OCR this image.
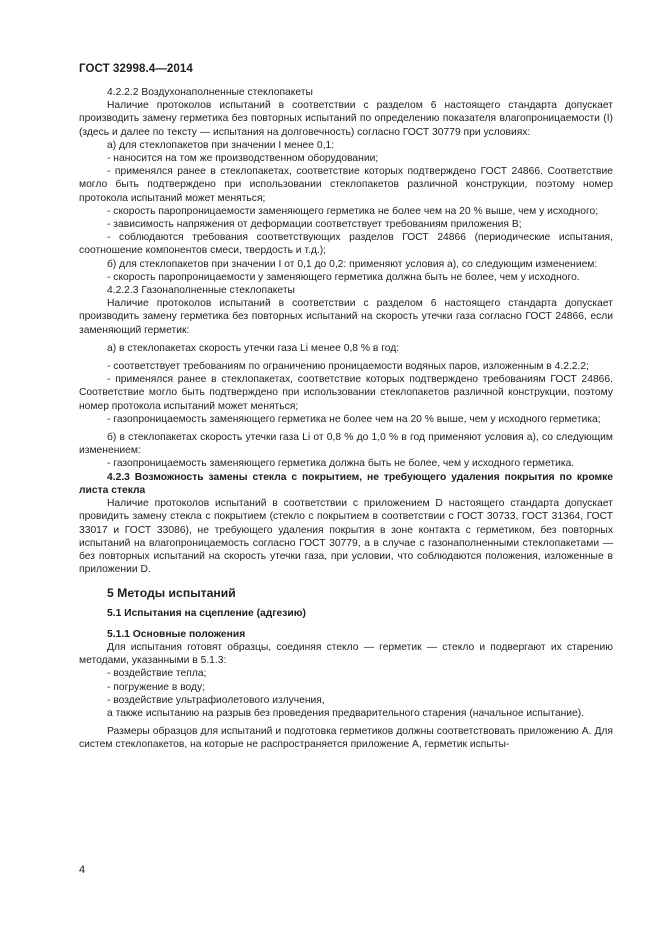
ГОСТ 32998.4—2014

4.2.2.2 Воздухонаполненные стеклопакеты

Наличие протоколов испытаний в соответствии с разделом 6 настоящего стандарта допускает производить замену герметика без повторных испытаний по определению показателя влагопроницаемости (I) (здесь и далее по тексту — испытания на долговечность) согласно ГОСТ 30779 при условиях:

а) для стеклопакетов при значении I менее 0,1:

- наносится на том же производственном оборудовании;

- применялся ранее в стеклопакетах, соответствие которых подтверждено ГОСТ 24866. Соответствие могло быть подтверждено при использовании стеклопакетов различной конструкции, поэтому номер протокола испытаний может меняться;

- скорость паропроницаемости заменяющего герметика не более чем на 20 % выше, чем у исходного;

- зависимость напряжения от деформации соответствует требованиям приложения В;

- соблюдаются требования соответствующих разделов ГОСТ 24866 (периодические испытания, соотношение компонентов смеси, твердость и т.д.);

б) для стеклопакетов при значении I от 0,1 до 0,2: применяют условия а), со следующим изменением:

- скорость паропроницаемости у заменяющего герметика должна быть не более, чем у исходного.

4.2.2.3 Газонаполненные стеклопакеты

Наличие протоколов испытаний в соответствии с разделом 6 настоящего стандарта допускает производить замену герметика без повторных испытаний на скорость утечки газа согласно ГОСТ 24866, если заменяющий герметик:

а) в стеклопакетах скорость утечки газа Li менее 0,8 % в год:

- соответствует требованиям по ограничению проницаемости водяных паров, изложенным в 4.2.2.2;

- применялся ранее в стеклопакетах, соответствие которых подтверждено требованиям ГОСТ 24866. Соответствие могло быть подтверждено при использовании стеклопакетов различной конструкции, поэтому номер протокола испытаний может меняться;

- газопроницаемость заменяющего герметика не более чем на 20 % выше, чем у исходного герметика;

б) в стеклопакетах скорость утечки газа Li от 0,8 % до 1,0 % в год применяют условия а), со следующим изменением:

- газопроницаемость заменяющего герметика должна быть не более, чем у исходного герметика.

4.2.3 Возможность замены стекла с покрытием, не требующего удаления покрытия по кромке листа стекла

Наличие протоколов испытаний в соответствии с приложением D настоящего стандарта допускает провидить замену стекла с покрытием (стекло с покрытием в соответствии с ГОСТ 30733, ГОСТ 31364, ГОСТ 33017 и ГОСТ 33086), не требующего удаления покрытия в зоне контакта с герметиком, без повторных испытаний на влагопроницаемость согласно ГОСТ 30779, а в случае с газонаполненными стеклопакетами — без повторных испытаний на скорость утечки газа, при условии, что соблюдаются положения, изложенные в приложении D.

5 Методы испытаний

5.1 Испытания на сцепление (адгезию)

5.1.1 Основные положения

Для испытания готовят образцы, соединяя стекло — герметик — стекло и подвергают их старению методами, указанными в 5.1.3:

- воздействие тепла;

- погружение в воду;

- воздействие ультрафиолетового излучения,

а также испытанию на разрыв без проведения предварительного старения (начальное испытание).

Размеры образцов для испытаний и подготовка герметиков должны соответствовать приложению А. Для систем стеклопакетов, на которые не распространяется приложение А, герметик испыты-

4
